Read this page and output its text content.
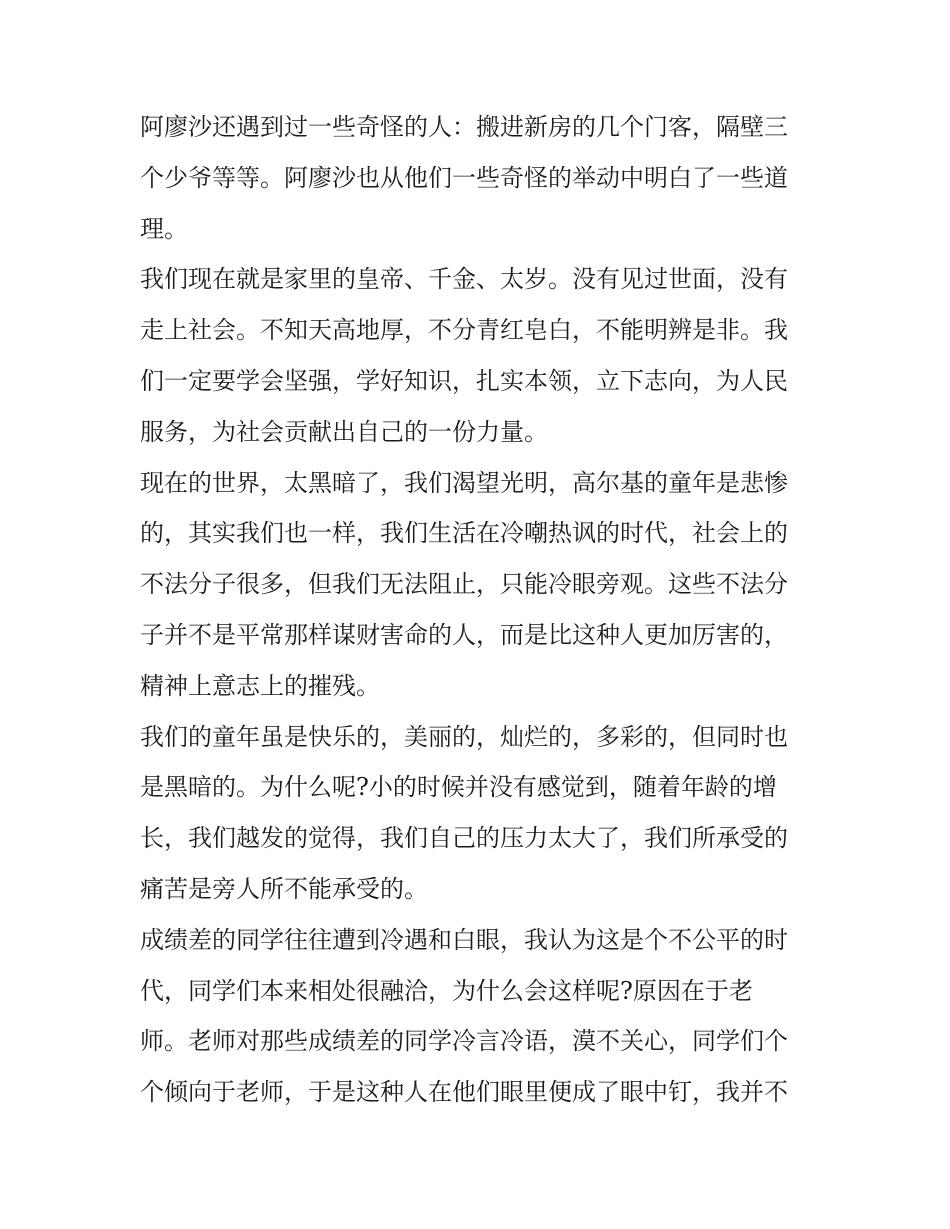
阿廖沙还遇到过一些奇怪的人：搬进新房的几个门客，隔壁三
个少爷等等。阿廖沙也从他们一些奇怪的举动中明白了一些道
理。
我们现在就是家里的皇帝、千金、太岁。没有见过世面，没有
走上社会。不知天高地厚，不分青红皂白，不能明辨是非。我
们一定要学会坚强，学好知识，扎实本领，立下志向，为人民
服务，为社会贡献出自己的一份力量。
现在的世界，太黑暗了，我们渴望光明，高尔基的童年是悲惨
的，其实我们也一样，我们生活在冷嘲热讽的时代，社会上的
不法分子很多，但我们无法阻止，只能冷眼旁观。这些不法分
子并不是平常那样谋财害命的人，而是比这种人更加厉害的，
精神上意志上的摧残。
我们的童年虽是快乐的，美丽的，灿烂的，多彩的，但同时也
是黑暗的。为什么呢?小的时候并没有感觉到，随着年龄的增
长，我们越发的觉得，我们自己的压力太大了，我们所承受的
痛苦是旁人所不能承受的。
成绩差的同学往往遭到冷遇和白眼，我认为这是个不公平的时
代，同学们本来相处很融洽，为什么会这样呢?原因在于老
师。老师对那些成绩差的同学冷言冷语，漠不关心，同学们个
个倾向于老师，于是这种人在他们眼里便成了眼中钉，我并不
